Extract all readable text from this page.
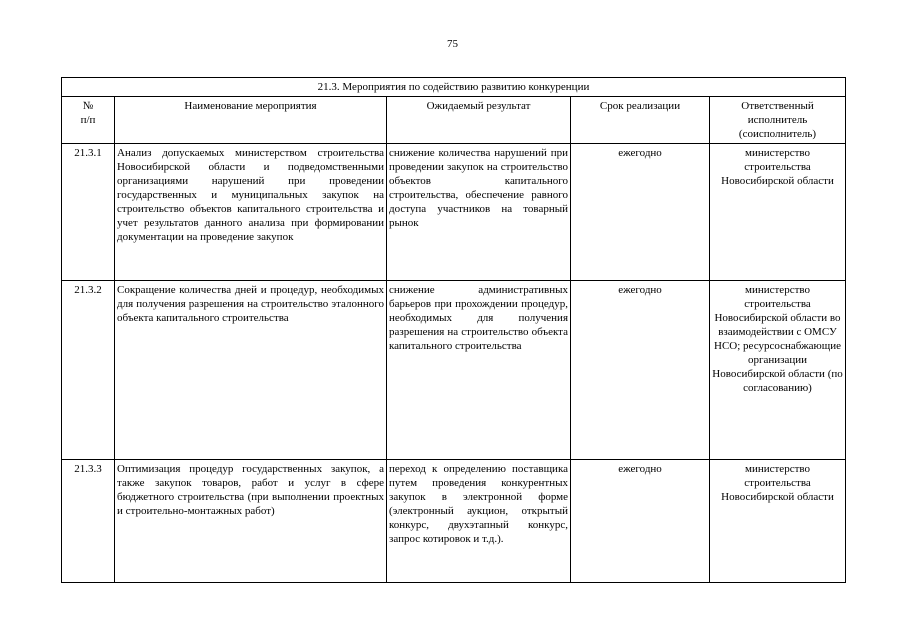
75
21.3. Мероприятия по содействию развитию конкуренции				
№
п/п	Наименование мероприятия	Ожидаемый результат	Срок реализации	Ответственный исполнитель (соисполнитель)
21.3.1	Анализ допускаемых министерством строительства Новосибирской области и подведомственными организациями нарушений при проведении государственных и муниципальных закупок на строительство объектов капитального строительства и учет результатов данного анализа при формировании документации на проведение закупок	снижение количества нарушений при проведении закупок на строительство объектов капитального строительства, обеспечение равного доступа участников на товарный рынок	ежегодно	министерство строительства Новосибирской области
21.3.2	Сокращение количества дней и процедур, необходимых для получения разрешения на строительство эталонного объекта капитального строительства	снижение административных барьеров при прохождении процедур, необходимых для получения разрешения на строительство объекта капитального строительства	ежегодно	министерство строительства Новосибирской области во взаимодействии с ОМСУ НСО; ресурсоснабжающие организации Новосибирской области (по согласованию)
21.3.3	Оптимизация процедур государственных закупок, а также закупок товаров, работ и услуг в сфере бюджетного строительства (при выполнении проектных и строительно-монтажных работ)	переход к определению поставщика путем проведения конкурентных закупок в электронной форме (электронный аукцион, открытый конкурс, двухэтапный конкурс, запрос котировок и т.д.).	ежегодно	министерство строительства Новосибирской области
